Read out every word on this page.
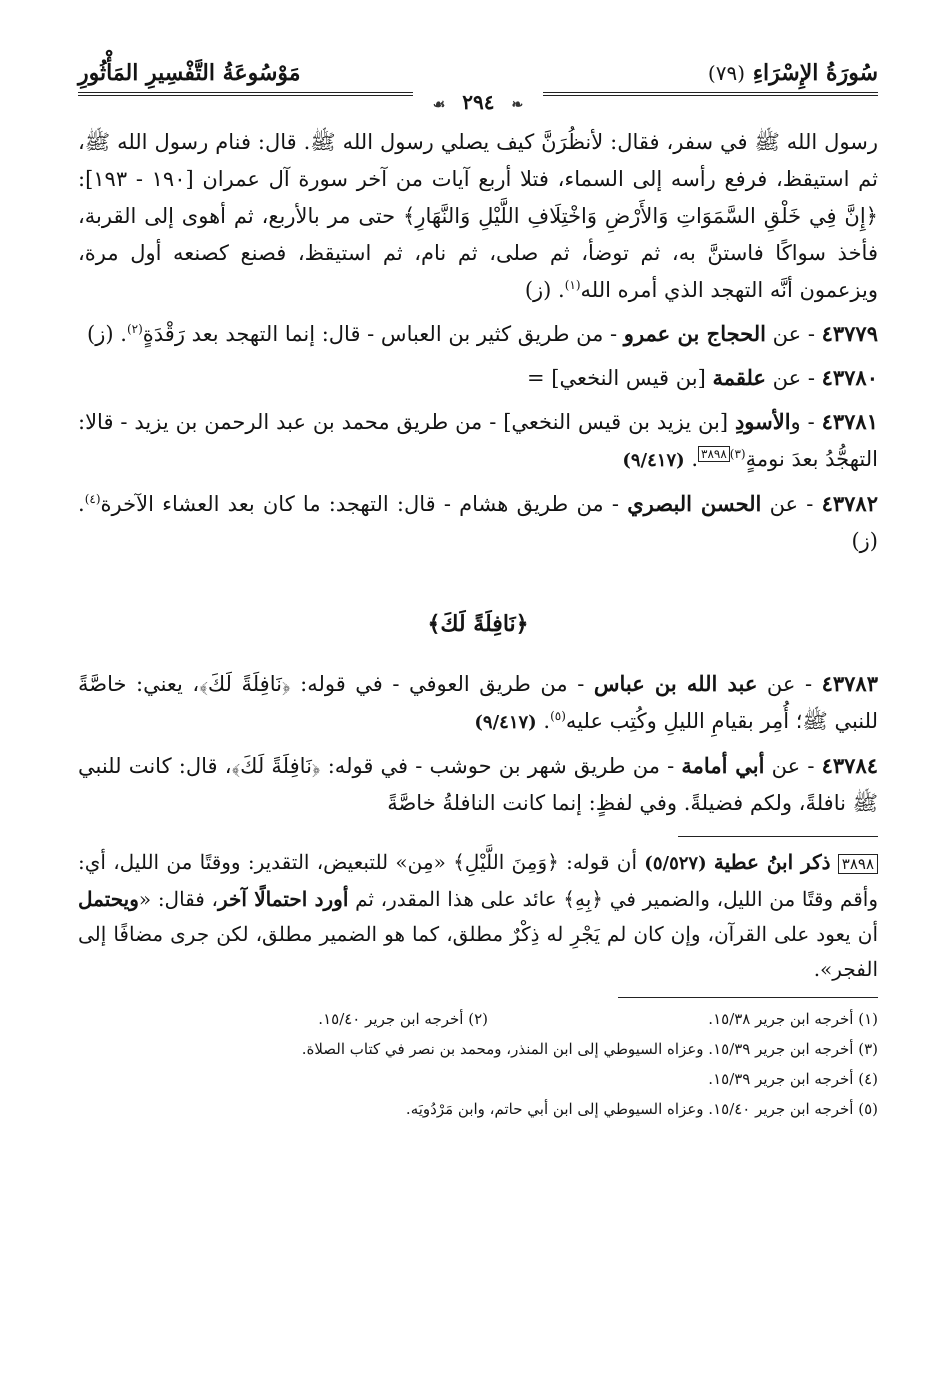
سُورَةُ الإِسْرَاءِ (٧٩)
مَوْسُوعَةُ التَّفْسِيرِ المَأْثُورِ
❧ ٢٩٤ ☙

رسول الله ﷺ في سفر، فقال: لأنظُرَنَّ كيف يصلي رسول الله ﷺ. قال: فنام رسول الله ﷺ، ثم استيقظ، فرفع رأسه إلى السماء، فتلا أربع آيات من آخر سورة آل عمران [١٩٠ - ١٩٣]: ﴿إِنَّ فِي خَلْقِ السَّمَوَاتِ وَالأَرْضِ وَاخْتِلَافِ اللَّيْلِ وَالنَّهَارِ﴾ حتى مر بالأربع، ثم أهوى إلى القربة، فأخذ سواكًا فاستنَّ به، ثم توضأ، ثم صلى، ثم نام، ثم استيقظ، فصنع كصنعه أول مرة، ويزعمون أنَّه التهجد الذي أمره الله$^{(١)}$. (ز)

٤٣٧٧٩ - عن الحجاج بن عمرو - من طريق كثير بن العباس - قال: إنما التهجد بعد رَقْدَةٍ$^{(٢)}$. (ز)

٤٣٧٨٠ - عن علقمة [بن قيس النخعي] =

٤٣٧٨١ - والأسودِ [بن يزيد بن قيس النخعي] - من طريق محمد بن عبد الرحمن بن يزيد - قالا: التهجُّدُ بعدَ نومةٍ$^{(٣)٣٨٩٨}$. (٩/٤١٧)

٤٣٧٨٢ - عن الحسن البصري - من طريق هشام - قال: التهجد: ما كان بعد العشاء الآخرة$^{(٤)}$. (ز)

﴿نَافِلَةً لَكَ﴾

٤٣٧٨٣ - عن عبد الله بن عباس - من طريق العوفي - في قوله: ﴿نَافِلَةً لَكَ﴾، يعني: خاصَّةً للنبي ﷺ؛ أُمِر بقيامِ الليلِ وكُتِب عليه$^{(٥)}$. (٩/٤١٧)

٤٣٧٨٤ - عن أبي أمامة - من طريق شهر بن حوشب - في قوله: ﴿نَافِلَةً لَكَ﴾، قال: كانت للنبي ﷺ نافلةً، ولكم فضيلةً. وفي لفظٍ: إنما كانت النافلةُ خاصَّةً

٣٨٩٨ ذكر ابنُ عطية (٥/٥٢٧) أن قوله: ﴿وَمِنَ اللَّيْلِ﴾ «مِن» للتبعيض، التقدير: ووقتًا من الليل، أي: وأقم وقتًا من الليل، والضمير في ﴿بِهِ﴾ عائد على هذا المقدر، ثم أورد احتمالًا آخر، فقال: «ويحتمل أن يعود على القرآن، وإن كان لم يَجْرِ له ذِكْرٌ مطلق، كما هو الضمير مطلق، لكن جرى مضافًا إلى الفجر».
(١) أخرجه ابن جرير ١٥/٣٨.
(٢) أخرجه ابن جرير ١٥/٤٠.
(٣) أخرجه ابن جرير ١٥/٣٩. وعزاه السيوطي إلى ابن المنذر، ومحمد بن نصر في كتاب الصلاة.
(٤) أخرجه ابن جرير ١٥/٣٩.
(٥) أخرجه ابن جرير ١٥/٤٠. وعزاه السيوطي إلى ابن أبي حاتم، وابن مَرْدُويَه.
